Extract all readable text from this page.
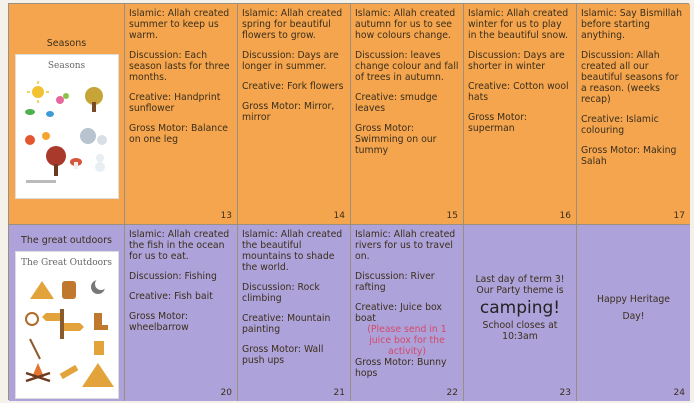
Seasons
Seasons

Islamic: Allah created summer to keep us warm.

Discussion: Each season lasts for three months.

Creative: Handprint sunflower

Gross Motor: Balance on one leg

13

Islamic: Allah created spring for beautiful flowers to grow.

Discussion: Days are longer in summer.

Creative: Fork flowers

Gross Motor: Mirror, mirror

14

Islamic: Allah created autumn for us to see how colours change.

Discussion: leaves change colour and fall of trees in autumn.

Creative: smudge leaves

Gross Motor: Swimming on our tummy

15

Islamic: Allah created winter for us to play in the beautiful snow.

Discussion: Days are shorter in winter

Creative: Cotton wool hats

Gross Motor: superman

16

Islamic: Say Bismillah before starting anything.

Discussion: Allah created all our beautiful seasons for a reason. (weeks recap)

Creative: Islamic colouring

Gross Motor: Making Salah

17
The great outdoors
The Great Outdoors

Islamic: Allah created the fish in the ocean for us to eat.

Discussion: Fishing

Creative: Fish bait

Gross Motor: wheelbarrow

20

Islamic: Allah created the beautiful mountains to shade the world.

Discussion: Rock climbing

Creative: Mountain painting

Gross Motor: Wall push ups

21

Islamic: Allah created rivers for us to travel on.

Discussion: River rafting

Creative: Juice box boat

(Please send in 1 juice box for the activity)

Gross Motor: Bunny hops

22
Last day of term 3!
Our Party theme is
camping!
School closes at
10:3am
23
Happy Heritage
Day!
24
